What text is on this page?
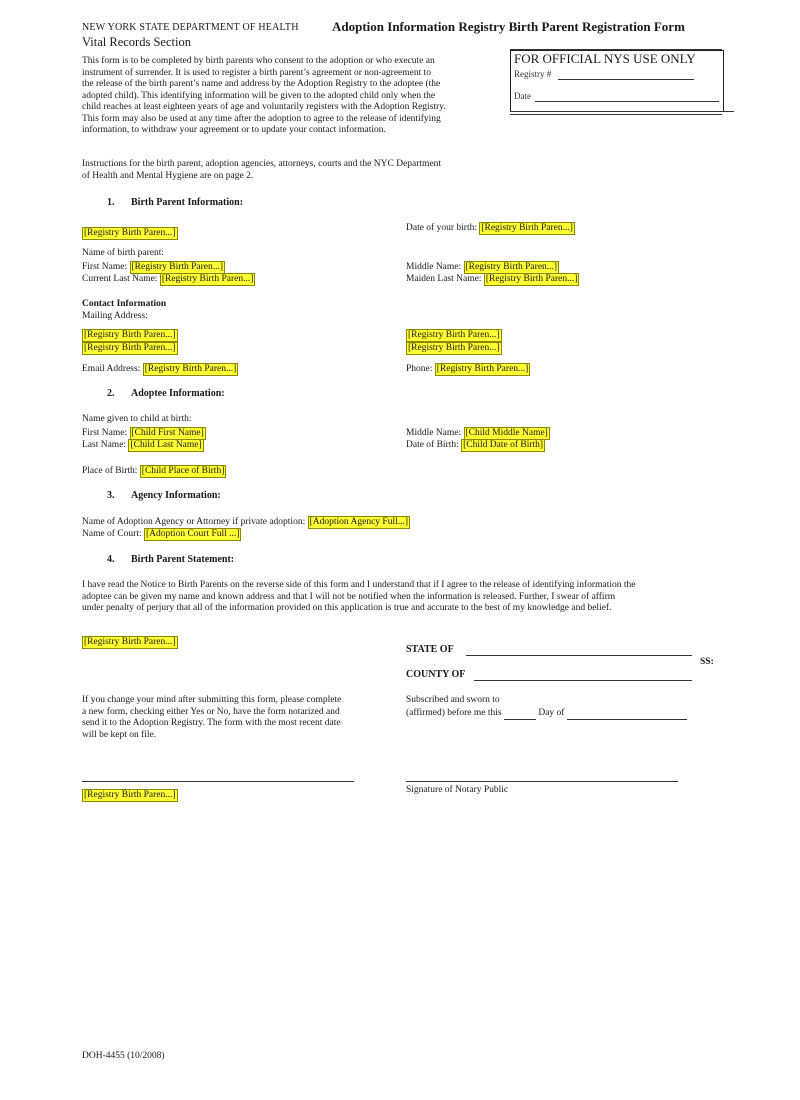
NEW YORK STATE DEPARTMENT OF HEALTH	Adoption Information Registry Birth Parent Registration Form
Vital Records Section
FOR OFFICIAL NYS USE ONLY
Registry #
Date
This form is to be completed by birth parents who consent to the adoption or who execute an
instrument of surrender. It is used to register a birth parent’s agreement or non-agreement to
the release of the birth parent’s name and address by the Adoption Registry to the adoptee (the
adopted child). This identifying information will be given to the adopted child only when the
child reaches at least eighteen years of age and voluntarily registers with the Adoption Registry.
This form may also be used at any time after the adoption to agree to the release of identifying
information, to withdraw your agreement or to update your contact information.
Instructions for the birth parent, adoption agencies, attorneys, courts and the NYC Department
of Health and Mental Hygiene are on page 2.
1. Birth Parent Information:
[Registry Birth Paren...]	Date of your birth: [Registry Birth Paren...]
Name of birth parent:
First Name: [Registry Birth Paren...]	Middle Name: [Registry Birth Paren...]
Current Last Name: [Registry Birth Paren...]	Maiden Last Name: [Registry Birth Paren...]
Contact Information
Mailing Address:
[Registry Birth Paren...]	[Registry Birth Paren...]
[Registry Birth Paren...]	[Registry Birth Paren...]
Email Address: [Registry Birth Paren...]	Phone: [Registry Birth Paren...]
2. Adoptee Information:
Name given to child at birth:
First Name: [Child First Name]	Middle Name: [Child Middle Name]
Last Name: [Child Last Name]	Date of Birth: [Child Date of Birth]
Place of Birth: [Child Place of Birth]
3. Agency Information:
Name of Adoption Agency or Attorney if private adoption: [Adoption Agency Full...]
Name of Court: [Adoption Court Full ...]
4. Birth Parent Statement:
I have read the Notice to Birth Parents on the reverse side of this form and I understand that if I agree to the release of identifying information the
adoptee can be given my name and known address and that I will not be notified when the information is released. Further, I swear of affirm
under penalty of perjury that all of the information provided on this application is true and accurate to the best of my knowledge and belief.
[Registry Birth Paren...]
STATE OF
SS:
COUNTY OF
If you change your mind after submitting this form, please complete
a new form, checking either Yes or No, have the form notarized and
send it to the Adoption Registry. The form with the most recent date
will be kept on file.
Subscribed and sworn to
(affirmed) before me this	Day of
[Registry Birth Paren...]	Signature of Notary Public
DOH-4455 (10/2008)
